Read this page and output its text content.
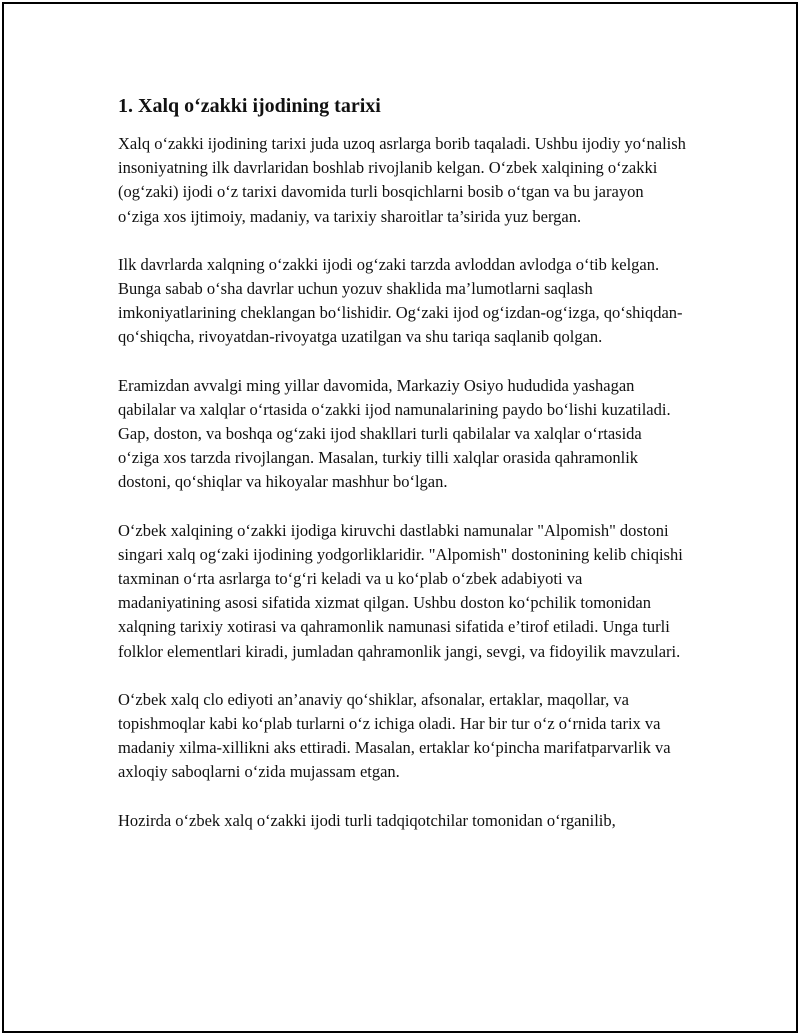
1. Xalq o‘zakki ijodining tarixi

Xalq o‘zakki ijodining tarixi juda uzoq asrlarga borib taqaladi. Ushbu ijodiy yo‘nalish insoniyatning ilk davrlaridan boshlab rivojlanib kelgan. O‘zbek xalqining o‘zakki (og‘zaki) ijodi o‘z tarixi davomida turli bosqichlarni bosib o‘tgan va bu jarayon o‘ziga xos ijtimoiy, madaniy, va tarixiy sharoitlar ta’sirida yuz bergan.

Ilk davrlarda xalqning o‘zakki ijodi og‘zaki tarzda avloddan avlodga o‘tib kelgan. Bunga sabab o‘sha davrlar uchun yozuv shaklida ma’lumotlarni saqlash imkoniyatlarining cheklangan bo‘lishidir. Og‘zaki ijod og‘izdan-og‘izga, qo‘shiqdan-qo‘shiqcha, rivoyatdan-rivoyatga uzatilgan va shu tariqa saqlanib qolgan.

Eramizdan avvalgi ming yillar davomida, Markaziy Osiyo hududida yashagan qabilalar va xalqlar o‘rtasida o‘zakki ijod namunalarining paydo bo‘lishi kuzatiladi. Gap, doston, va boshqa og‘zaki ijod shakllari turli qabilalar va xalqlar o‘rtasida o‘ziga xos tarzda rivojlangan. Masalan, turkiy tilli xalqlar orasida qahramonlik dostoni, qo‘shiqlar va hikoyalar mashhur bo‘lgan.

O‘zbek xalqining o‘zakki ijodiga kiruvchi dastlabki namunalar "Alpomish" dostoni singari xalq og‘zaki ijodining yodgorliklaridir. "Alpomish" dostonining kelib chiqishi taxminan o‘rta asrlarga to‘g‘ri keladi va u ko‘plab o‘zbek adabiyoti va madaniyatining asosi sifatida xizmat qilgan. Ushbu doston ko‘pchilik tomonidan xalqning tarixiy xotirasi va qahramonlik namunasi sifatida e’tirof etiladi. Unga turli folklor elementlari kiradi, jumladan qahramonlik jangi, sevgi, va fidoyilik mavzulari.

O‘zbek xalq clo ediyoti an’anaviy qo‘shiklar, afsonalar, ertaklar, maqollar, va topishmoqlar kabi ko‘plab turlarni o‘z ichiga oladi. Har bir tur o‘z o‘rnida tarix va madaniy xilma-xillikni aks ettiradi. Masalan, ertaklar ko‘pincha marifatparvarlik va axloqiy saboqlarni o‘zida mujassam etgan.

Hozirda o‘zbek xalq o‘zakki ijodi turli tadqiqotchilar tomonidan o‘rganilib,
